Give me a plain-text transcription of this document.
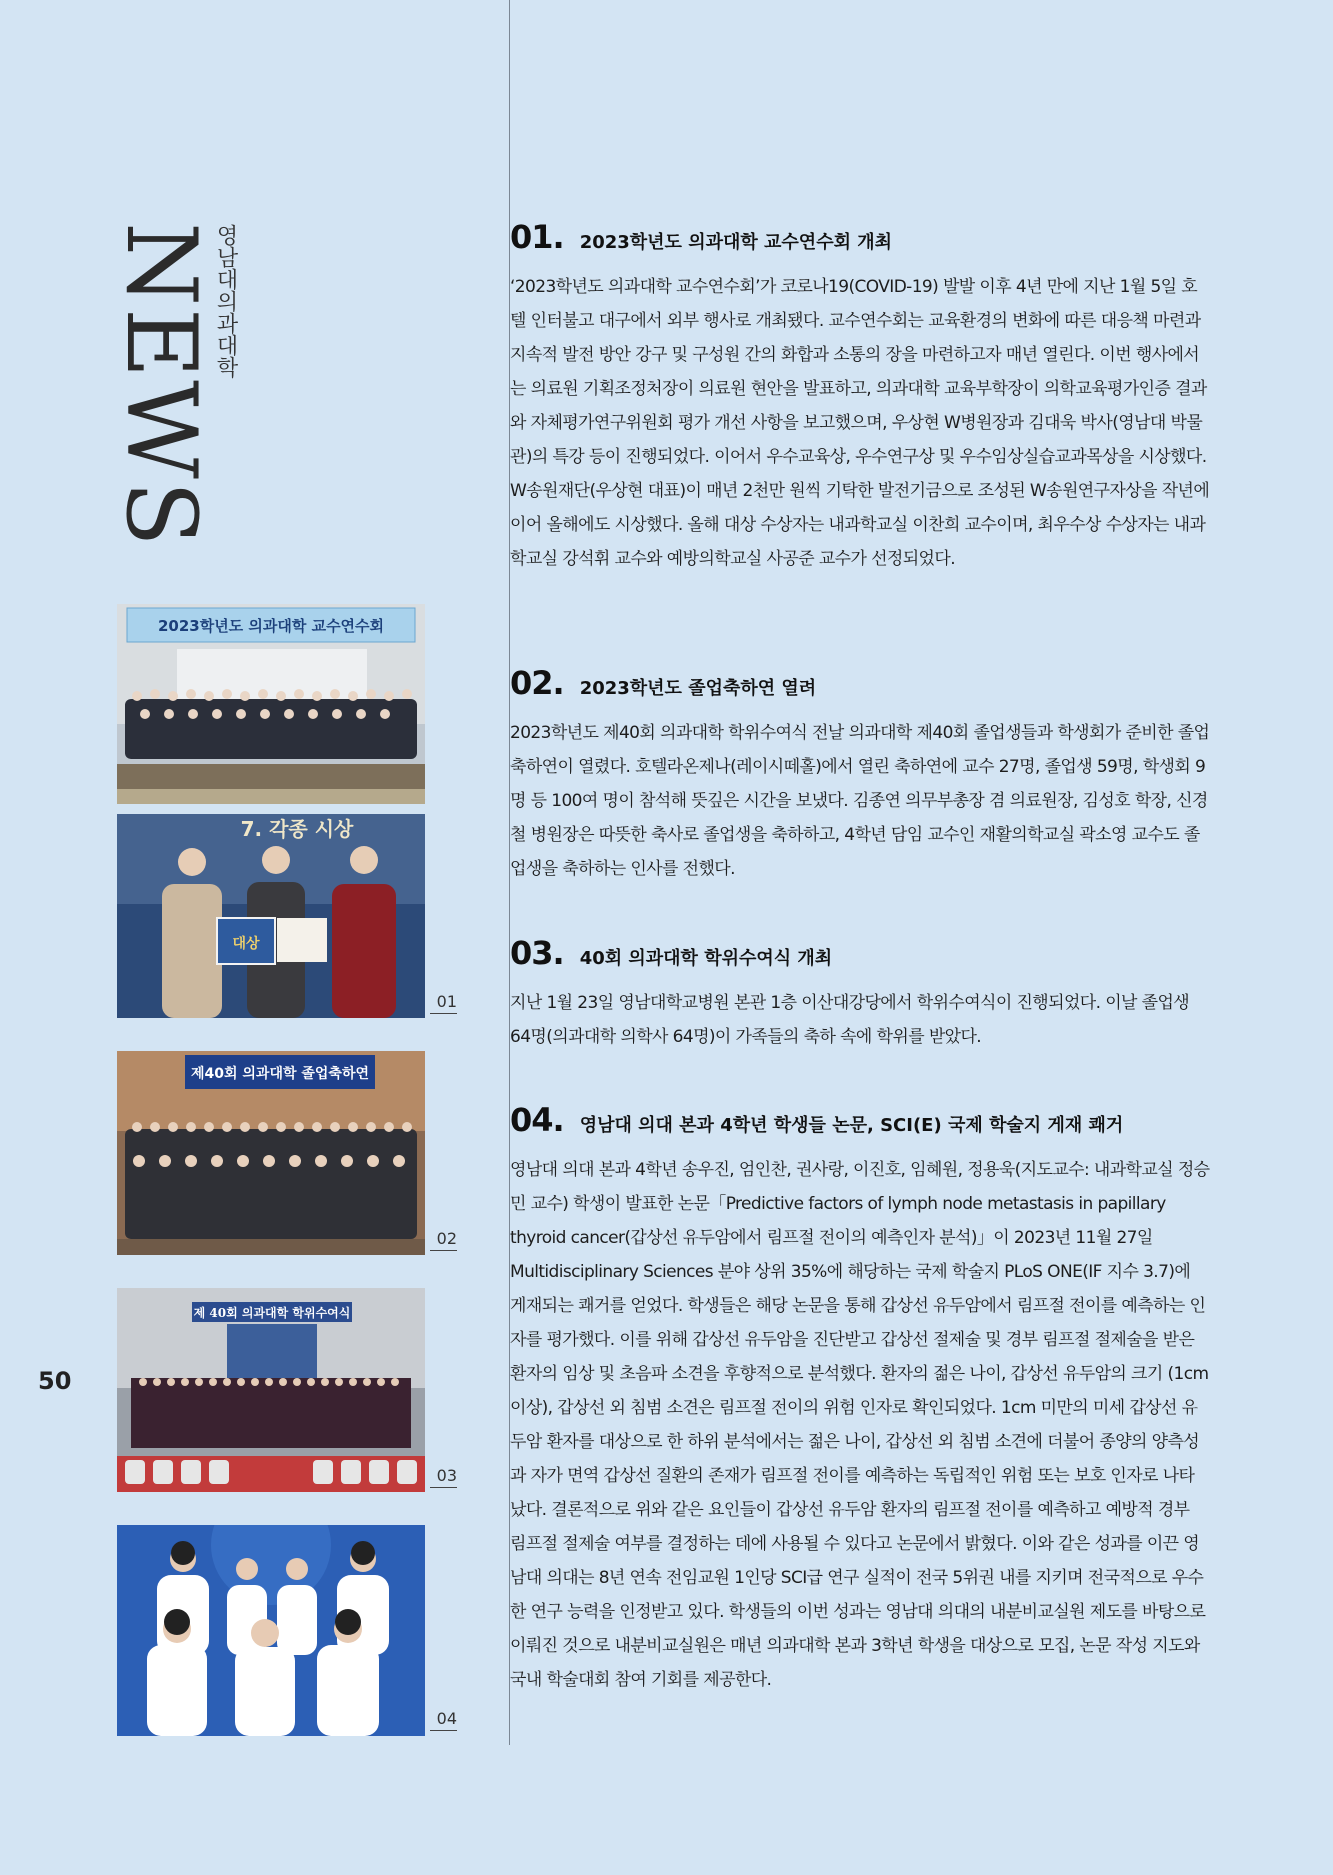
NEWS
영남대의과대학
50
2023학년도 의과대학 교수연수회
7. 각종 시상
대상
01
제40회 의과대학 졸업축하연
02
제 40회 의과대학 학위수여식
03
04
01. 2023학년도 의과대학 교수연수회 개최

‘2023학년도 의과대학 교수연수회’가 코로나19(COVID-19) 발발 이후 4년 만에 지난 1월 5일 호텔 인터불고 대구에서 외부 행사로 개최됐다. 교수연수회는 교육환경의 변화에 따른 대응책 마련과 지속적 발전 방안 강구 및 구성원 간의 화합과 소통의 장을 마련하고자 매년 열린다. 이번 행사에서는 의료원 기획조정처장이 의료원 현안을 발표하고, 의과대학 교육부학장이 의학교육평가인증 결과와 자체평가연구위원회 평가 개선 사항을 보고했으며, 우상현 W병원장과 김대욱 박사(영남대 박물관)의 특강 등이 진행되었다. 이어서 우수교육상, 우수연구상 및 우수임상실습교과목상을 시상했다. W송원재단(우상현 대표)이 매년 2천만 원씩 기탁한 발전기금으로 조성된 W송원연구자상을 작년에 이어 올해에도 시상했다. 올해 대상 수상자는 내과학교실 이찬희 교수이며, 최우수상 수상자는 내과학교실 강석휘 교수와 예방의학교실 사공준 교수가 선정되었다.

02. 2023학년도 졸업축하연 열려

2023학년도 제40회 의과대학 학위수여식 전날 의과대학 제40회 졸업생들과 학생회가 준비한 졸업축하연이 열렸다. 호텔라온제나(레이시떼홀)에서 열린 축하연에 교수 27명, 졸업생 59명, 학생회 9명 등 100여 명이 참석해 뜻깊은 시간을 보냈다. 김종연 의무부총장 겸 의료원장, 김성호 학장, 신경철 병원장은 따뜻한 축사로 졸업생을 축하하고, 4학년 담임 교수인 재활의학교실 곽소영 교수도 졸업생을 축하하는 인사를 전했다.

03. 40회 의과대학 학위수여식 개최

지난 1월 23일 영남대학교병원 본관 1층 이산대강당에서 학위수여식이 진행되었다. 이날 졸업생 64명(의과대학 의학사 64명)이 가족들의 축하 속에 학위를 받았다.

04. 영남대 의대 본과 4학년 학생들 논문, SCI(E) 국제 학술지 게재 쾌거

영남대 의대 본과 4학년 송우진, 엄인찬, 권사랑, 이진호, 임혜원, 정용욱(지도교수: 내과학교실 정승민 교수) 학생이 발표한 논문「Predictive factors of lymph node metastasis in papillary thyroid cancer(갑상선 유두암에서 림프절 전이의 예측인자 분석)」이 2023년 11월 27일 Multidisciplinary Sciences 분야 상위 35%에 해당하는 국제 학술지 PLoS ONE(IF 지수 3.7)에 게재되는 쾌거를 얻었다. 학생들은 해당 논문을 통해 갑상선 유두암에서 림프절 전이를 예측하는 인자를 평가했다. 이를 위해 갑상선 유두암을 진단받고 갑상선 절제술 및 경부 림프절 절제술을 받은 환자의 임상 및 초음파 소견을 후향적으로 분석했다. 환자의 젊은 나이, 갑상선 유두암의 크기 (1cm 이상), 갑상선 외 침범 소견은 림프절 전이의 위험 인자로 확인되었다. 1cm 미만의 미세 갑상선 유두암 환자를 대상으로 한 하위 분석에서는 젊은 나이, 갑상선 외 침범 소견에 더불어 종양의 양측성과 자가 면역 갑상선 질환의 존재가 림프절 전이를 예측하는 독립적인 위험 또는 보호 인자로 나타났다. 결론적으로 위와 같은 요인들이 갑상선 유두암 환자의 림프절 전이를 예측하고 예방적 경부 림프절 절제술 여부를 결정하는 데에 사용될 수 있다고 논문에서 밝혔다. 이와 같은 성과를 이끈 영남대 의대는 8년 연속 전임교원 1인당 SCI급 연구 실적이 전국 5위권 내를 지키며 전국적으로 우수한 연구 능력을 인정받고 있다. 학생들의 이번 성과는 영남대 의대의 내분비교실원 제도를 바탕으로 이뤄진 것으로 내분비교실원은 매년 의과대학 본과 3학년 학생을 대상으로 모집, 논문 작성 지도와 국내 학술대회 참여 기회를 제공한다.
